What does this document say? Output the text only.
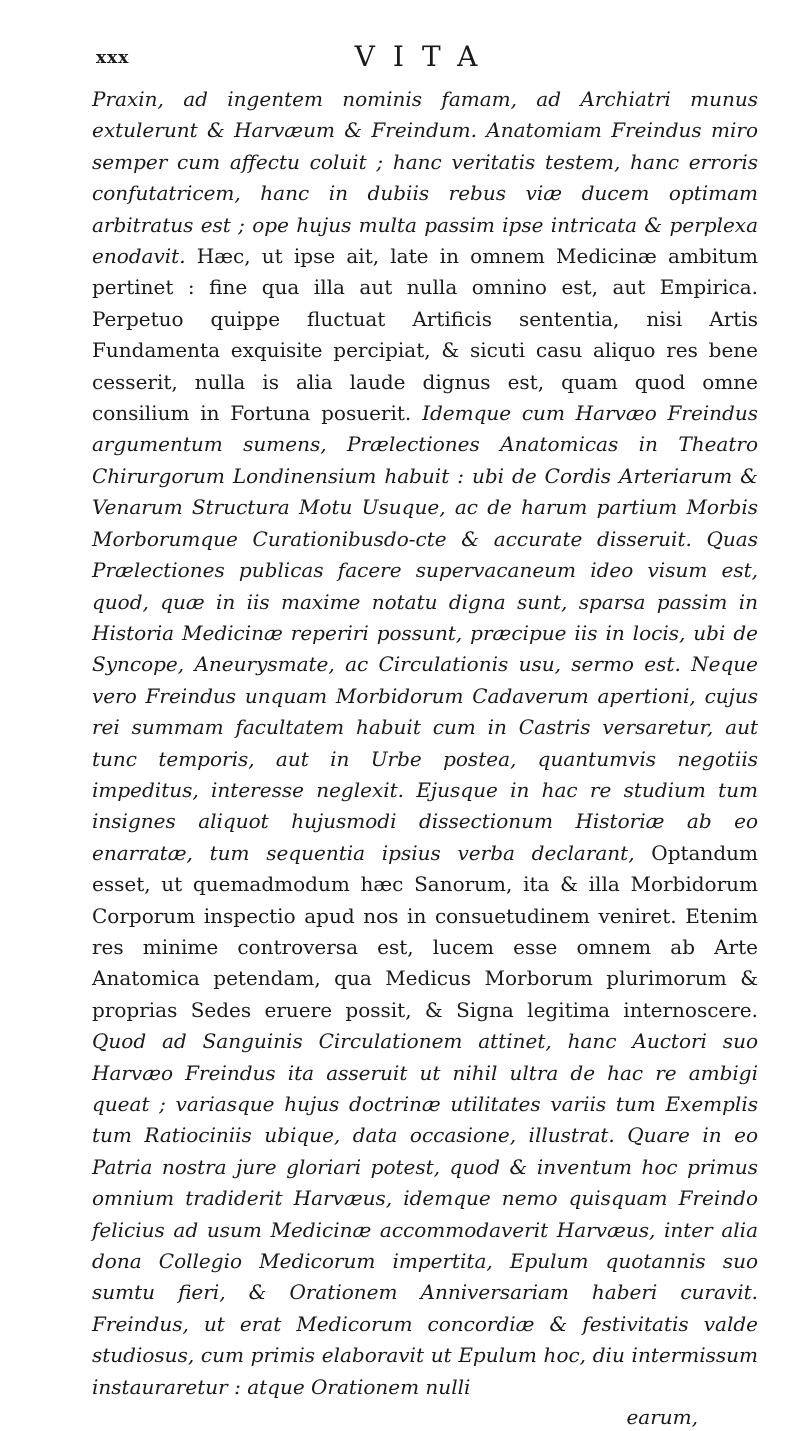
xxx	VITA

Praxin, ad ingentem nominis famam, ad Archiatri munus extulerunt & Harvæum & Freindum. Anatomiam Freindus miro semper cum affectu coluit ; hanc veritatis testem, hanc erroris confutatricem, hanc in dubiis rebus viæ ducem optimam arbitratus est ; ope hujus multa passim ipse intricata & perplexa enodavit. Hæc, ut ipse ait, late in omnem Medicinæ ambitum pertinet : fine qua illa aut nulla omnino est, aut Empirica. Perpetuo quippe fluctuat Artificis sententia, nisi Artis Fundamenta exquisite percipiat, & sicuti casu aliquo res bene cesserit, nulla is alia laude dignus est, quam quod omne consilium in Fortuna posuerit. Idemque cum Harvæo Freindus argumentum sumens, Prælectiones Anatomicas in Theatro Chirurgorum Londinensium habuit : ubi de Cordis Arteriarum & Venarum Structura Motu Usuque, ac de harum partium Morbis Morborumque Curationibusdo-cte & accurate disseruit. Quas Prælectiones publicas facere supervacaneum ideo visum est, quod, quæ in iis maxime notatu digna sunt, sparsa passim in Historia Medicinæ reperiri possunt, præcipue iis in locis, ubi de Syncope, Aneurysmate, ac Circulationis usu, sermo est. Neque vero Freindus unquam Morbidorum Cadaverum apertioni, cujus rei summam facultatem habuit cum in Castris versaretur, aut tunc temporis, aut in Urbe postea, quantumvis negotiis impeditus, interesse neglexit. Ejusque in hac re studium tum insignes aliquot hujusmodi dissectionum Historiæ ab eo enarratæ, tum sequentia ipsius verba declarant, Optandum esset, ut quemadmodum hæc Sanorum, ita & illa Morbidorum Corporum inspectio apud nos in consuetudinem veniret. Etenim res minime controversa est, lucem esse omnem ab Arte Anatomica petendam, qua Medicus Morborum plurimorum & proprias Sedes eruere possit, & Signa legitima internoscere. Quod ad Sanguinis Circulationem attinet, hanc Auctori suo Harvæo Freindus ita asseruit ut nihil ultra de hac re ambigi queat ; variasque hujus doctrinæ utilitates variis tum Exemplis tum Ratiociniis ubique, data occasione, illustrat. Quare in eo Patria nostra jure gloriari potest, quod & inventum hoc primus omnium tradiderit Harvæus, idemque nemo quisquam Freindo felicius ad usum Medicinæ accommodaverit Harvæus, inter alia dona Collegio Medicorum impertita, Epulum quotannis suo sumtu fieri, & Orationem Anniversariam haberi curavit. Freindus, ut erat Medicorum concordiæ & festivitatis valde studiosus, cum primis elaboravit ut Epulum hoc, diu intermissum instauraretur : atque Orationem nulli

earum,
